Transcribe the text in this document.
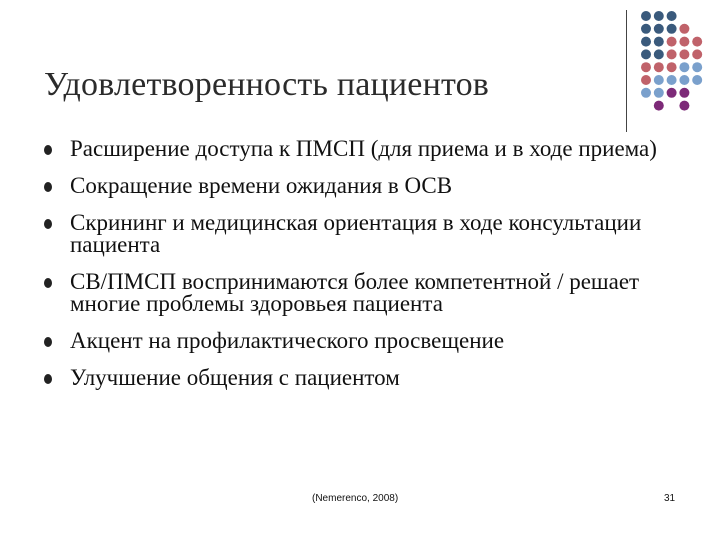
Удовлетворенность пациентов
Расширение доступа к ПМСП (для приема и в ходе приема)
Сокращение времени ожидания в ОСВ
Скрининг и медицинская ориентация в ходе консультации пациента
СВ/ПМСП воспринимаются более компетентной / решает многие проблемы здоровьея пациента
Акцент на профилактического просвещение
Улучшение общения с пациентом
(Nemerenco, 2008)	31
